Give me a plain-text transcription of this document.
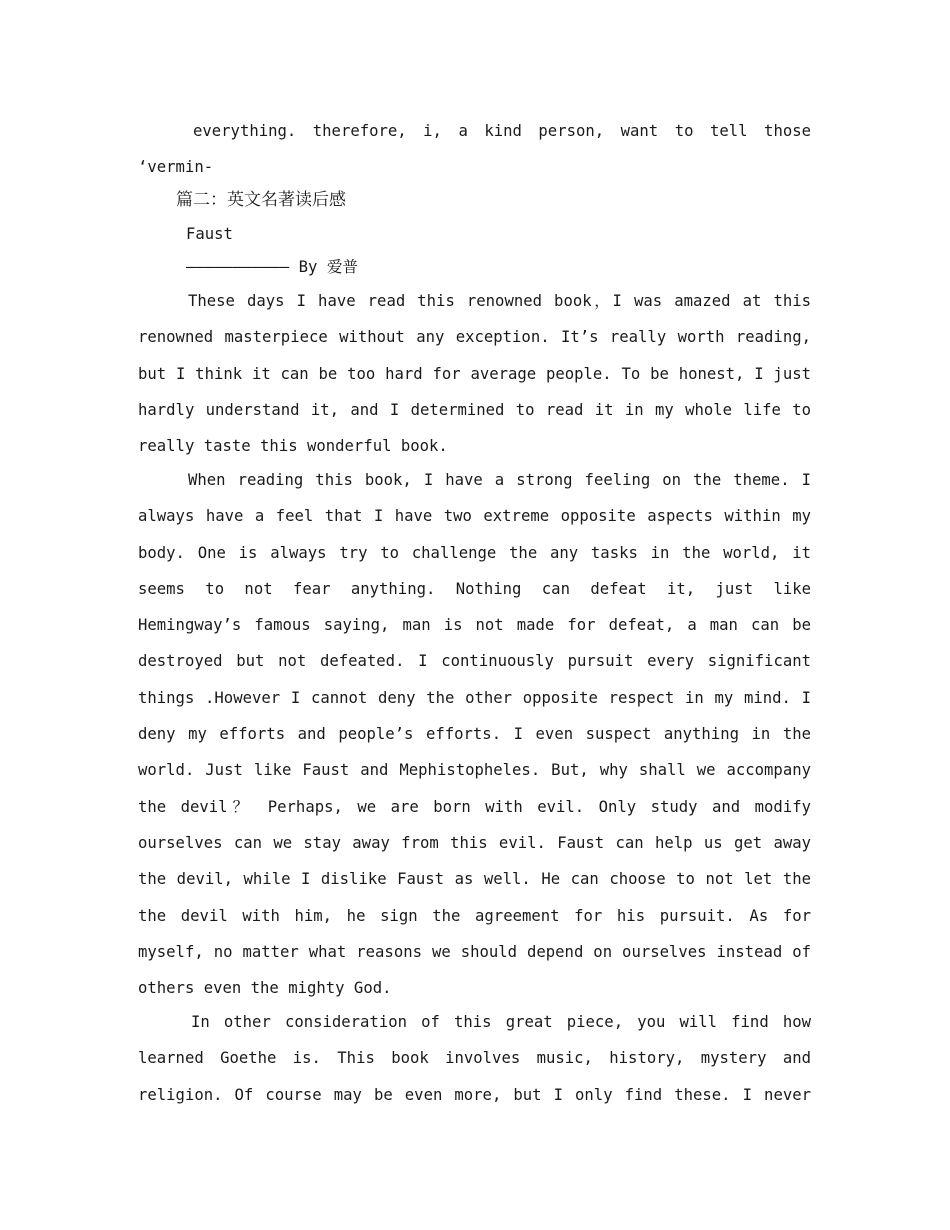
everything. therefore, i, a kind person, want to tell those
‘vermin-
篇二：英文名著读后感
Faust
——————————— By 爱普
These days I have read this renowned book，I was amazed at this
renowned masterpiece without any exception. It’s really worth reading,
but I think it can be too hard for average people. To be honest, I just
hardly understand it, and I determined to read it in my whole life to
really taste this wonderful book.
When reading this book, I have a strong feeling on the theme. I
always have a feel that I have two extreme opposite aspects within my
body. One is always try to challenge the any tasks in the world, it
seems to not fear anything. Nothing can defeat it, just like
Hemingway’s famous saying, man is not made for defeat, a man can be
destroyed but not defeated. I continuously pursuit every significant
things .However I cannot deny the other opposite respect in my mind. I
deny my efforts and people’s efforts. I even suspect anything in the
world. Just like Faust and Mephistopheles. But, why shall we accompany
the devil？ Perhaps, we are born with evil. Only study and modify
ourselves can we stay away from this evil. Faust can help us get away
the devil, while I dislike Faust as well. He can choose to not let the
the devil with him, he sign the agreement for his pursuit. As for
myself, no matter what reasons we should depend on ourselves instead of
others even the mighty God.
In other consideration of this great piece, you will find how
learned Goethe is. This book involves music, history, mystery and
religion. Of course may be even more, but I only find these. I never
